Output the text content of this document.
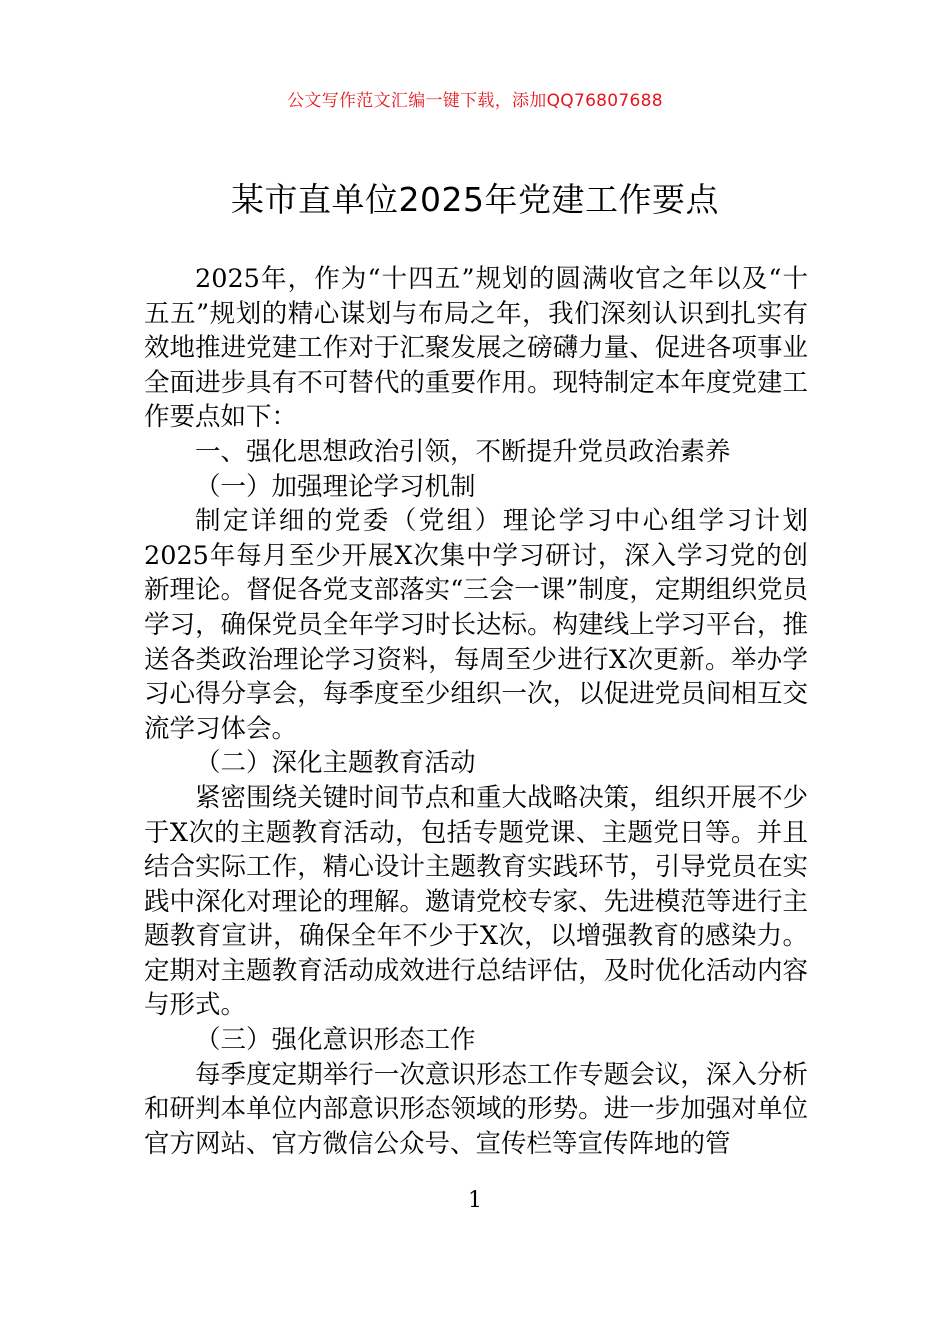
公文写作范文汇编一键下载，添加QQ76807688
某市直单位2025年党建工作要点

2025年，作为“十四五”规划的圆满收官之年以及“十五五”规划的精心谋划与布局之年，我们深刻认识到扎实有效地推进党建工作对于汇聚发展之磅礴力量、促进各项事业全面进步具有不可替代的重要作用。现特制定本年度党建工作要点如下：

一、强化思想政治引领，不断提升党员政治素养

（一）加强理论学习机制

制定详细的党委（党组）理论学习中心组学习计划2025年每月至少开展X次集中学习研讨，深入学习党的创新理论。督促各党支部落实“三会一课”制度，定期组织党员学习，确保党员全年学习时长达标。构建线上学习平台，推送各类政治理论学习资料，每周至少进行X次更新。举办学习心得分享会，每季度至少组织一次，以促进党员间相互交流学习体会。

（二）深化主题教育活动

紧密围绕关键时间节点和重大战略决策，组织开展不少于X次的主题教育活动，包括专题党课、主题党日等。并且结合实际工作，精心设计主题教育实践环节，引导党员在实践中深化对理论的理解。邀请党校专家、先进模范等进行主题教育宣讲，确保全年不少于X次，以增强教育的感染力。定期对主题教育活动成效进行总结评估，及时优化活动内容与形式。

（三）强化意识形态工作

每季度定期举行一次意识形态工作专题会议，深入分析和研判本单位内部意识形态领域的形势。进一步加强对单位官方网站、官方微信公众号、宣传栏等宣传阵地的管

1
